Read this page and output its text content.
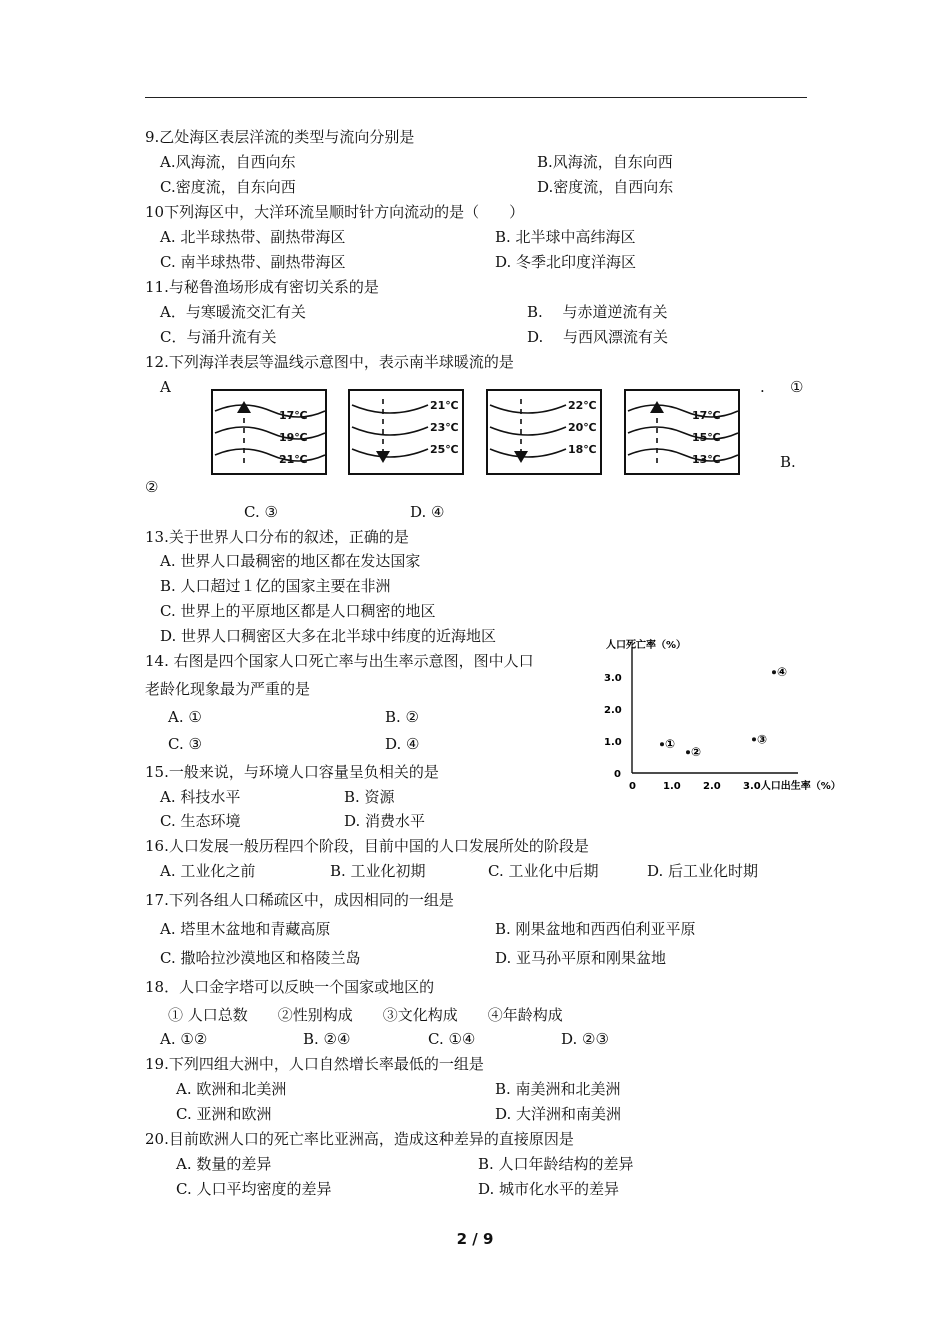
9.乙处海区表层洋流的类型与流向分别是
A.风海流，自西向东	B.风海流，自东向西
C.密度流，自东向西	D.密度流，自西向东
10下列海区中，大洋环流呈顺时针方向流动的是（　　）
A. 北半球热带、副热带海区	B. 北半球中高纬海区
C. 南半球热带、副热带海区	D. 冬季北印度洋海区
11.与秘鲁渔场形成有密切关系的是
A．与寒暖流交汇有关	B.　 与赤道逆流有关
C．与涌升流有关	D.　 与西风漂流有关
12.下列海洋表层等温线示意图中，表示南半球暖流的是
A	. ①
B.
②
C. ③	D. ④
17℃
19℃
21℃
21℃
23℃
25℃
22℃
20℃
18℃
17℃
15℃
13℃
13.关于世界人口分布的叙述，正确的是
A. 世界人口最稠密的地区都在发达国家
B. 人口超过１亿的国家主要在非洲
C. 世界上的平原地区都是人口稠密的地区
D. 世界人口稠密区大多在北半球中纬度的近海地区
14. 右图是四个国家人口死亡率与出生率示意图，图中人口
老龄化现象最为严重的是
A. ①	B. ②
C. ③	D. ④
人口死亡率（%）
0
1.0
2.0
3.0
0	1.0 2.0 3.0人口出生率（%）
①
②
③
④
15.一般来说，与环境人口容量呈负相关的是
A. 科技水平	B. 资源
C. 生态环境	D. 消费水平
16.人口发展一般历程四个阶段，目前中国的人口发展所处的阶段是
A. 工业化之前	B. 工业化初期	C. 工业化中后期	D. 后工业化时期
17.下列各组人口稀疏区中，成因相同的一组是
A. 塔里木盆地和青藏高原	B. 刚果盆地和西西伯利亚平原
C. 撒哈拉沙漠地区和格陵兰岛	D. 亚马孙平原和刚果盆地
18．人口金字塔可以反映一个国家或地区的
① 人口总数　　②性别构成　　③文化构成　　④年龄构成
A. ①②	B. ②④	C. ①④	D. ②③
19.下列四组大洲中，人口自然增长率最低的一组是
A. 欧洲和北美洲	B. 南美洲和北美洲
C. 亚洲和欧洲	D. 大洋洲和南美洲
20.目前欧洲人口的死亡率比亚洲高，造成这种差异的直接原因是
A. 数量的差异	B. 人口年龄结构的差异
C. 人口平均密度的差异	D. 城市化水平的差异
2 / 9
